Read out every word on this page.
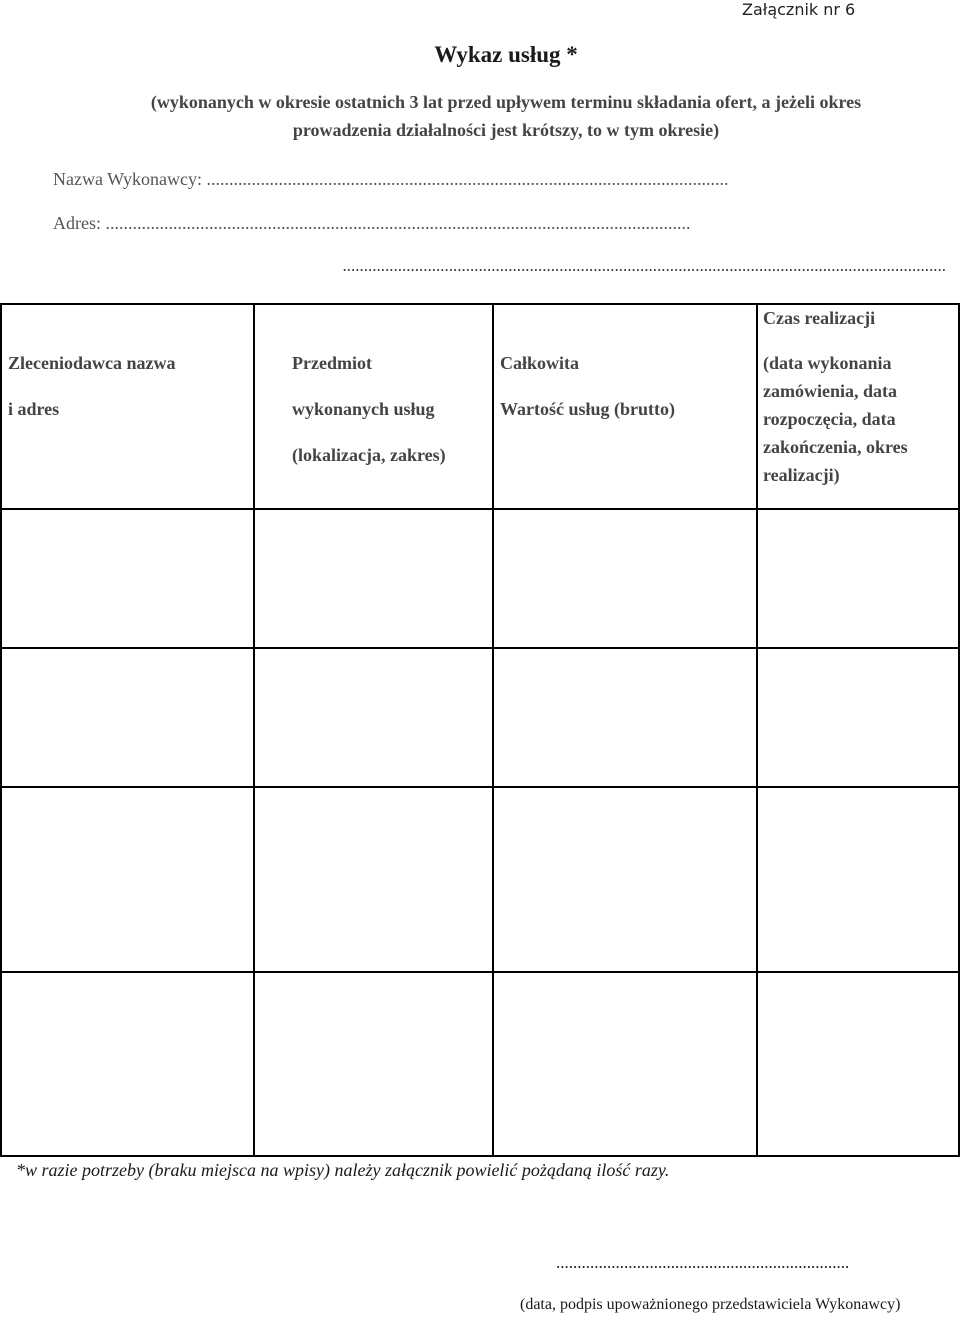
Załącznik nr 6
Wykaz usług *
(wykonanych w okresie ostatnich 3 lat przed upływem terminu składania ofert, a jeżeli okres
prowadzenia działalności jest krótszy, to w tym okresie)
Nazwa Wykonawcy: ....................................................................................................................
Adres: ..................................................................................................................................
..............................................................................................................................................
Zleceniodawca nazwa
i adres
Przedmiot
wykonanych usług
(lokalizacja, zakres)
Całkowita
Wartość usług (brutto)
Czas realizacji
(data wykonania
zamówienia, data
rozpoczęcia, data
zakończenia, okres
realizacji)
*w razie potrzeby (braku miejsca na wpisy) należy załącznik powielić pożądaną ilość razy.
.....................................................................
(data, podpis upoważnionego przedstawiciela Wykonawcy)
